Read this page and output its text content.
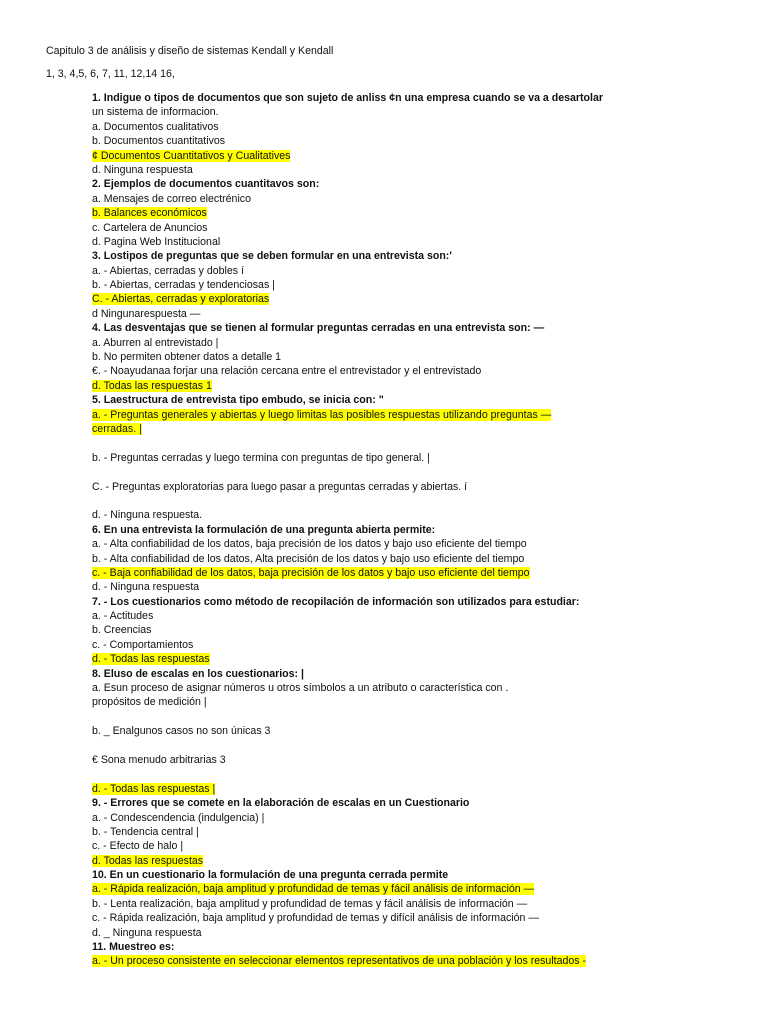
Capitulo 3 de análisis y diseño de sistemas Kendall y Kendall
1, 3, 4,5, 6, 7, 11, 12,14 16,
1. Indigue o tipos de documentos que son sujeto de anliss ¢n una empresa cuando se va a desartolar
un sistema de informacion.
a. Documentos cualitativos
b. Documentos cuantitativos
¢ Documentos Cuantitativos y Cualitatives
d. Ninguna respuesta
2. Ejemplos de documentos cuantitavos son:
a. Mensajes de correo electrénico
b. Balances económicos
c. Cartelera de Anuncios
d. Pagina Web Institucional
3. Lostipos de preguntas que se deben formular en una entrevista son:'
a. - Abiertas, cerradas y dobles í
b. - Abiertas, cerradas y tendenciosas |
C. - Abiertas, cerradas y exploratorias
d Ningunarespuesta —
4. Las desventajas que se tienen al formular preguntas cerradas en una entrevista son: —
a. Aburren al entrevistado |
b. No permiten obtener datos a detalle 1
€. - Noayudanaa forjar una relación cercana entre el entrevistador y el entrevistado
d. Todas las respuestas 1
5. Laestructura de entrevista tipo embudo, se inicia con: "
a. - Preguntas generales y abiertas y luego limitas las posibles respuestas utilizando preguntas —
cerradas. |
b. - Preguntas cerradas y luego termina con preguntas de tipo general. |
C. - Preguntas exploratorias para luego pasar a preguntas cerradas y abiertas. í
d. - Ninguna respuesta.
6. En una entrevista la formulación de una pregunta abierta permite:
a. - Alta confiabilidad de los datos, baja precisión de los datos y bajo uso eficiente del tiempo
b. - Alta confiabilidad de los datos, Alta precisión de los datos y bajo uso eficiente del tiempo
c. - Baja confiabilidad de los datos, baja precisión de los datos y bajo uso eficiente del tiempo
d. - Ninguna respuesta
7. - Los cuestionarios como método de recopilación de información son utilizados para estudiar:
a. - Actitudes
b. Creencias
c. - Comportamientos
d. - Todas las respuestas
8. Eluso de escalas en los cuestionarios: |
a. Esun proceso de asignar números u otros símbolos a un atributo o característica con .
propósitos de medición |
b. _ Enalgunos casos no son únicas 3
€ Sona menudo arbitrarias 3
d. - Todas las respuestas |
9. - Errores que se comete en la elaboración de escalas en un Cuestionario
a. - Condescendencia (indulgencia) |
b. - Tendencia central |
c. - Efecto de halo |
d. Todas las respuestas
10. En un cuestionario la formulación de una pregunta cerrada permite
a. - Rápida realización, baja amplitud y profundidad de temas y fácil análisis de información —
b. - Lenta realización, baja amplitud y profundidad de temas y fácil análisis de información —
c. - Rápida realización, baja amplitud y profundidad de temas y difícil análisis de información —
d. _ Ninguna respuesta
11. Muestreo es:
a. - Un proceso consistente en seleccionar elementos representativos de una población y los resultados -
